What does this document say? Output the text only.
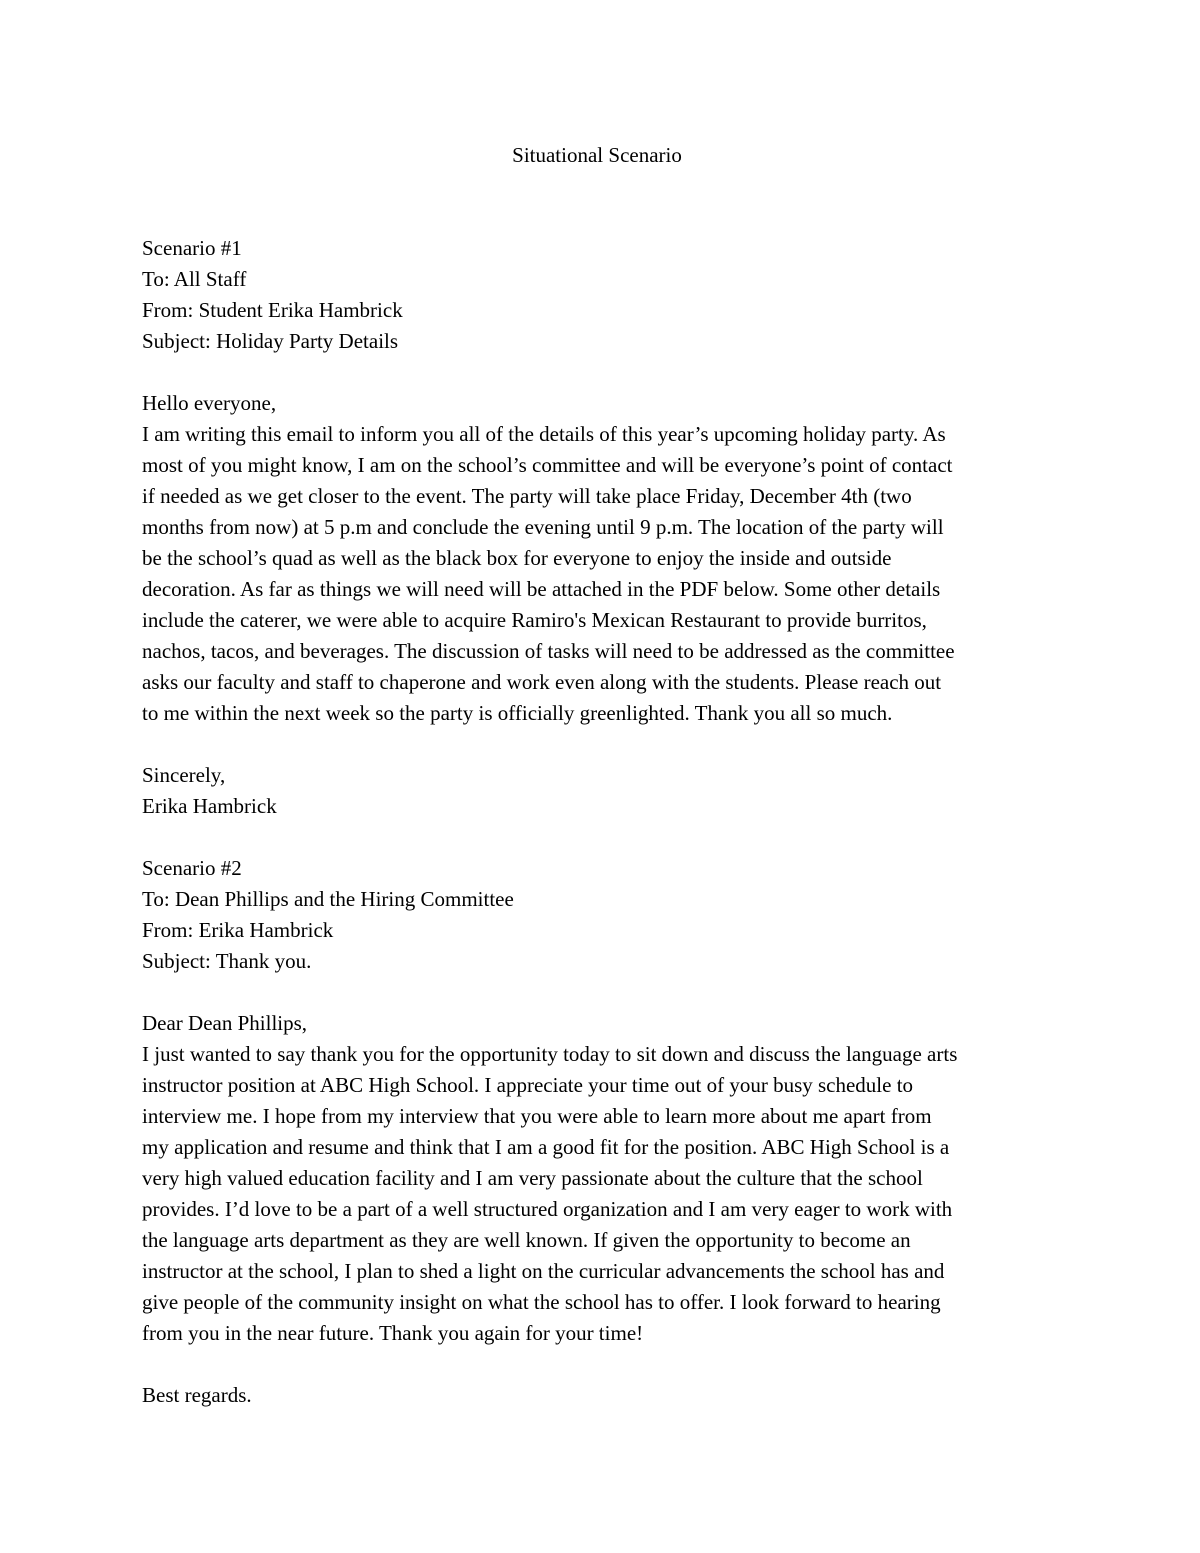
Situational Scenario
Scenario #1
To: All Staff
From: Student Erika Hambrick
Subject: Holiday Party Details
Hello everyone,
I am writing this email to inform you all of the details of this year’s upcoming holiday party. As
most of you might know, I am on the school’s committee and will be everyone’s point of contact
if needed as we get closer to the event. The party will take place Friday, December 4th (two
months from now) at 5 p.m and conclude the evening until 9 p.m. The location of the party will
be the school’s quad as well as the black box for everyone to enjoy the inside and outside
decoration. As far as things we will need will be attached in the PDF below. Some other details
include the caterer, we were able to acquire Ramiro's Mexican Restaurant to provide burritos,
nachos, tacos, and beverages. The discussion of tasks will need to be addressed as the committee
asks our faculty and staff to chaperone and work even along with the students. Please reach out
to me within the next week so the party is officially greenlighted. Thank you all so much.
Sincerely,
Erika Hambrick
Scenario #2
To: Dean Phillips and the Hiring Committee
From: Erika Hambrick
Subject: Thank you.
Dear Dean Phillips,
I just wanted to say thank you for the opportunity today to sit down and discuss the language arts
instructor position at ABC High School. I appreciate your time out of your busy schedule to
interview me. I hope from my interview that you were able to learn more about me apart from
my application and resume and think that I am a good fit for the position. ABC High School is a
very high valued education facility and I am very passionate about the culture that the school
provides. I’d love to be a part of a well structured organization and I am very eager to work with
the language arts department as they are well known. If given the opportunity to become an
instructor at the school, I plan to shed a light on the curricular advancements the school has and
give people of the community insight on what the school has to offer. I look forward to hearing
from you in the near future. Thank you again for your time!
Best regards.
